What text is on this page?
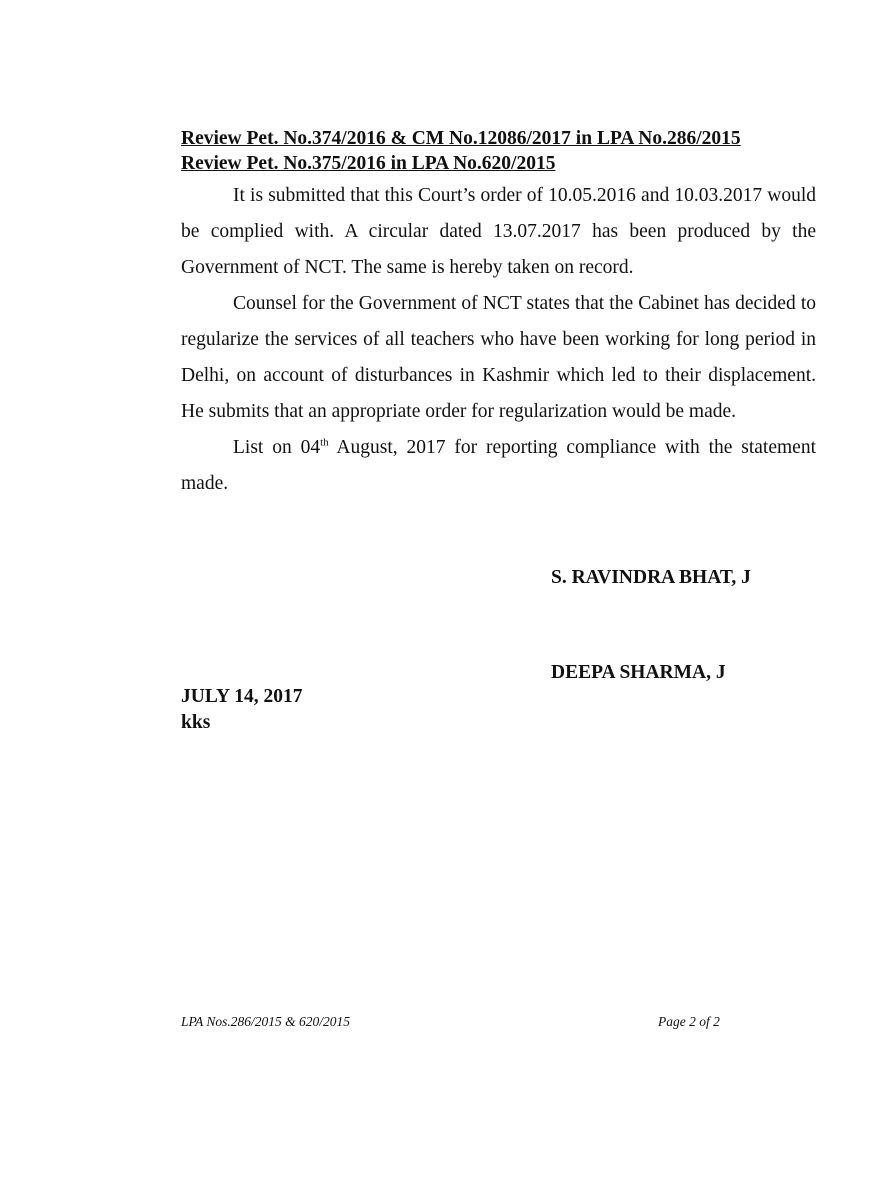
Review Pet. No.374/2016 & CM No.12086/2017 in LPA No.286/2015
Review Pet. No.375/2016 in LPA No.620/2015

It is submitted that this Court’s order of 10.05.2016 and 10.03.2017 would be complied with. A circular dated 13.07.2017 has been produced by the Government of NCT. The same is hereby taken on record.

Counsel for the Government of NCT states that the Cabinet has decided to regularize the services of all teachers who have been working for long period in Delhi, on account of disturbances in Kashmir which led to their displacement. He submits that an appropriate order for regularization would be made.

List on 04th August, 2017 for reporting compliance with the statement made.

S. RAVINDRA BHAT, J
DEEPA SHARMA, J
JULY 14, 2017
kks
LPA Nos.286/2015 & 620/2015	Page 2 of 2
